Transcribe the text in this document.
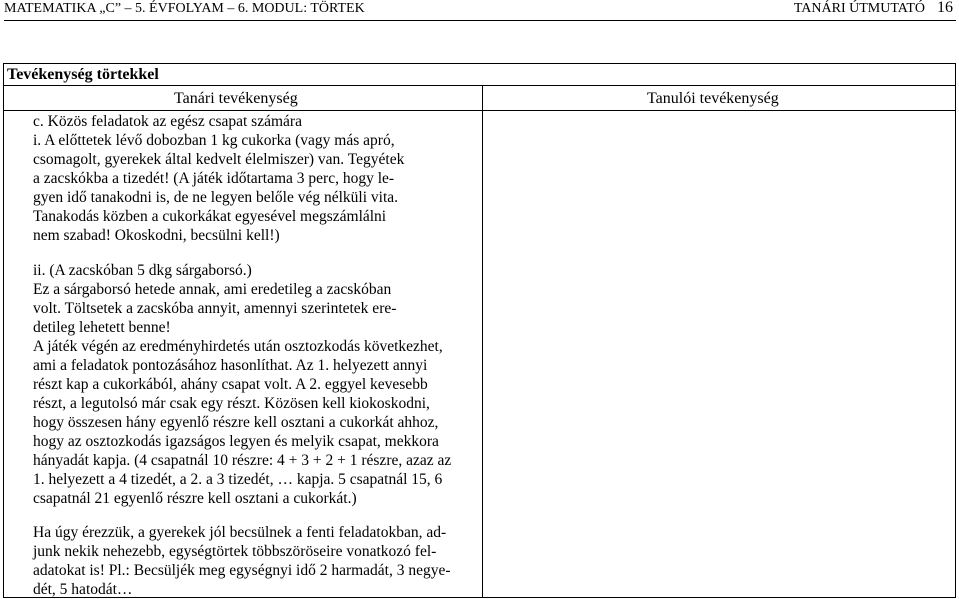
MATEMATIKA „C” – 5. ÉVFOLYAM – 6. MODUL: TÖRTEK	TANÁRI ÚTMUTATÓ 16
Tevékenység törtekkel
Tanári tevékenység	Tanulói tevékenység
c. Közös feladatok az egész csapat számára
i. A előttetek lévő dobozban 1 kg cukorka (vagy más apró,
csomagolt, gyerekek által kedvelt élelmiszer) van. Tegyétek
a zacskókba a tizedét! (A játék időtartama 3 perc, hogy le-
gyen idő tanakodni is, de ne legyen belőle vég nélküli vita.
Tanakodás közben a cukorkákat egyesével megszámlálni
nem szabad! Okoskodni, becsülni kell!)
ii. (A zacskóban 5 dkg sárgaborsó.)
Ez a sárgaborsó hetede annak, ami eredetileg a zacskóban
volt. Töltsetek a zacskóba annyit, amennyi szerintetek ere-
detileg lehetett benne!
A játék végén az eredményhirdetés után osztozkodás következhet,
ami a feladatok pontozásához hasonlíthat. Az 1. helyezett annyi
részt kap a cukorkából, ahány csapat volt. A 2. eggyel kevesebb
részt, a legutolsó már csak egy részt. Közösen kell kiokoskodni,
hogy összesen hány egyenlő részre kell osztani a cukorkát ahhoz,
hogy az osztozkodás igazságos legyen és melyik csapat, mekkora
hányadát kapja. (4 csapatnál 10 részre: 4 + 3 + 2 + 1 részre, azaz az
1. helyezett a 4 tizedét, a 2. a 3 tizedét, … kapja. 5 csapatnál 15, 6
csapatnál 21 egyenlő részre kell osztani a cukorkát.)
Ha úgy érezzük, a gyerekek jól becsülnek a fenti feladatokban, ad-
junk nekik nehezebb, egységtörtek többszöröseire vonatkozó fel-
adatokat is! Pl.: Becsüljék meg egységnyi idő 2 harmadát, 3 negye-
dét, 5 hatodát…
